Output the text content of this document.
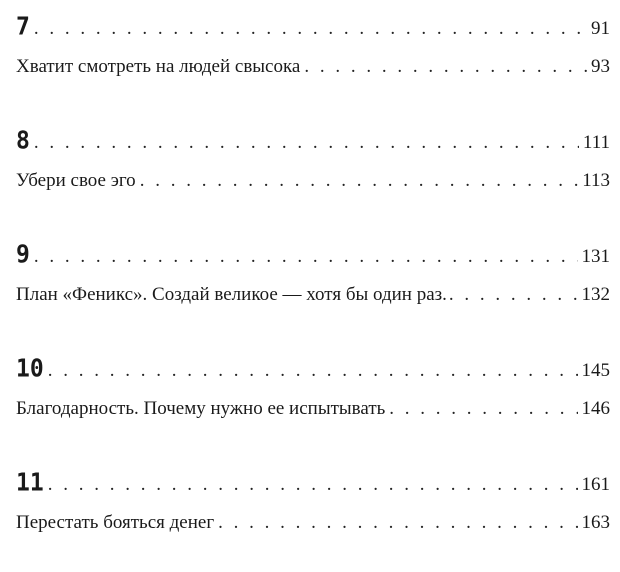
7 . . .	91
Хватит смотреть на людей свысока . . .	93
8 . . .	111
Убери свое эго . . .	113
9 . . .	131
План «Феникс». Создай великое — хотя бы один раз. . . .	132
10 . . .	145
Благодарность. Почему нужно ее испытывать . . .	146
11 . . .	161
Перестать бояться денег . . .	163
